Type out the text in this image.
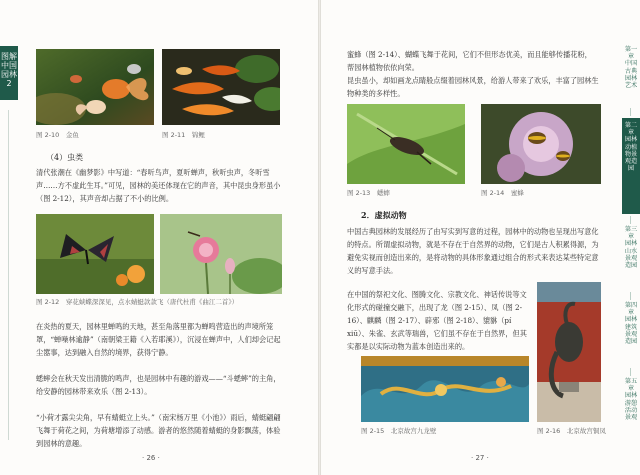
图解中国园林 2
图 2-10　金鱼	图 2-11　锦鲤
（4）虫类

清代张潮在《幽梦影》中写道：“春听鸟声，夏听蝉声，秋听虫声，冬听雪声……方不虚此生耳。”可见，园林的美还体现在它的声音，其中昆虫身形虽小（图 2-12），其声音却占据了不小的比例。

图 2-12　穿花蛱蝶深深见，点水蜻蜓款款飞（唐代杜甫《曲江二首》）

在炎热的夏天，园林里蝉鸣的天地，甚至角落里都为蝉鸣营造出的声境所笼罩，“蝉噪林逾静”（南朝梁王籍《入若耶溪》），沉浸在蝉声中，人们却会记起尘嚣事，达到融入自然的境界，获得宁静。

蟋蟀会在秋天发出清脆的鸣声，也是园林中有趣的游戏——“斗蟋蟀”的主角，给安静的园林带来欢乐（图 2-13）。

“小荷才露尖尖角，早有蜻蜓立上头。”（南宋杨万里《小池》）雨后，蜻蜓翩翩飞舞于荷花之间，为荷塘增添了动感。游者的悠然随着蜻蜓的身影飘荡，体验到园林的意趣。

· 26 ·

蜜蜂（图 2-14）、蝴蝶飞舞于花间，它们不但形态优美，而且能够传播花粉，帮园林植物依依向荣。

昆虫虽小，却如画龙点睛般点缀着园林风景，给游人带来了欢乐，丰富了园林生物种类的多样性。

图 2-13　蟋蟀	图 2-14　蜜蜂
2．虚拟动物

中国古典园林的发展经历了由写实到写意的过程，园林中的动物也呈现出写意化的特点。所谓虚拟动物，就是不存在于自然界的动物，它们是古人积累得源，为避免实视而创造出来的，是将动物的具体形象通过组合的形式来表达某些特定意义的写意手法。

在中国的祭祀文化、图腾文化、宗教文化、神话传说等文化形式的碰撞交融下，出现了龙（图 2-15）、凤（图 2-16）、麒麟（图 2-17）、辟邪（图 2-18）、貔貅（pí xiū）、朱雀、玄武等瑞兽，它们虽不存在于自然界，但其实都是以实际动物为蓝本创造出来的。

图 2-15　北京故宫九龙壁	图 2-16　北京故宫铜凤
· 27 ·
第一章　中国古典园林艺术
第二章　园林动植物景观造园
第三章　园林山水景观造园
第四章　园林建筑景观造园
第五章　园林游憩活动景观
